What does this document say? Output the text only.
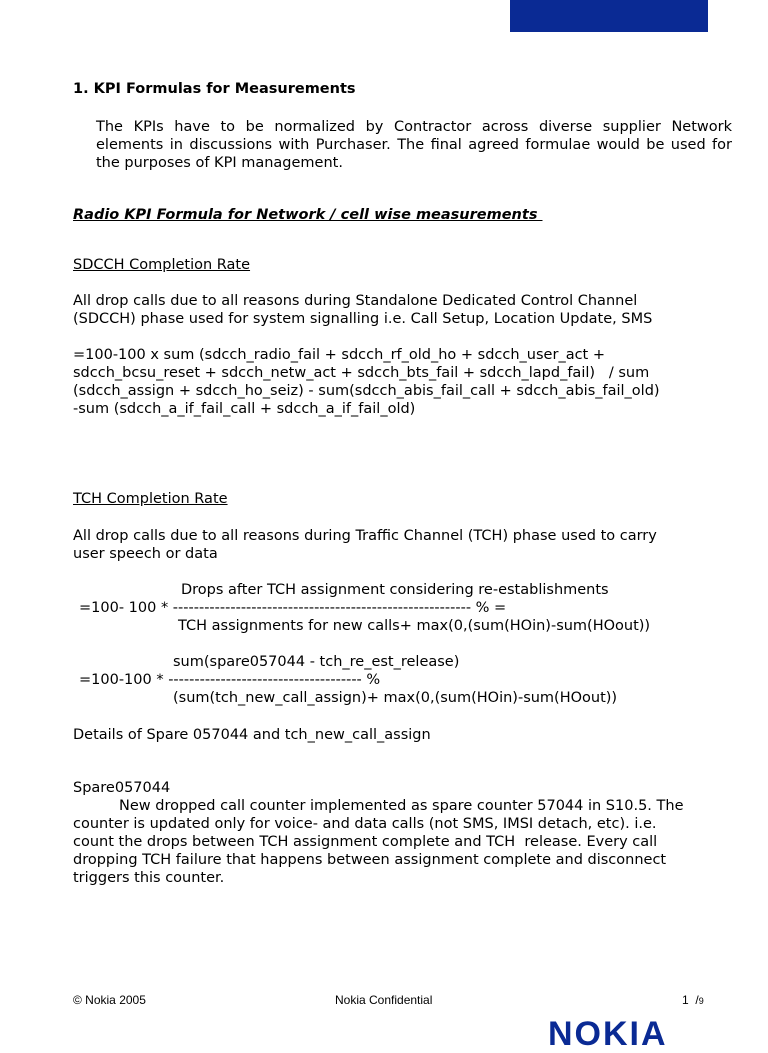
1. KPI Formulas for Measurements
The KPIs have to be normalized by Contractor across diverse supplier Network elements in discussions with Purchaser. The final agreed formulae would be used for the purposes of KPI management.
Radio KPI Formula for Network / cell wise measurements
SDCCH Completion Rate
All drop calls due to all reasons during Standalone Dedicated Control Channel
(SDCCH) phase used for system signalling i.e. Call Setup, Location Update, SMS
=100-100 x sum (sdcch_radio_fail + sdcch_rf_old_ho + sdcch_user_act +
sdcch_bcsu_reset + sdcch_netw_act + sdcch_bts_fail + sdcch_lapd_fail)   / sum
(sdcch_assign + sdcch_ho_seiz) - sum(sdcch_abis_fail_call + sdcch_abis_fail_old)
-sum (sdcch_a_if_fail_call + sdcch_a_if_fail_old)
TCH Completion Rate
All drop calls due to all reasons during Traffic Channel (TCH) phase used to carry
user speech or data
Drops after TCH assignment considering re-establishments
=100- 100 * --------------------------------------------------------- % =
TCH assignments for new calls+ max(0,(sum(HOin)-sum(HOout))
sum(spare057044 - tch_re_est_release)
=100-100 * ------------------------------------- %
(sum(tch_new_call_assign)+ max(0,(sum(HOin)-sum(HOout))
Details of Spare 057044 and tch_new_call_assign
Spare057044
New dropped call counter implemented as spare counter 57044 in S10.5. The
counter is updated only for voice- and data calls (not SMS, IMSI detach, etc). i.e.
count the drops between TCH assignment complete and TCH  release. Every call
dropping TCH failure that happens between assignment complete and disconnect
triggers this counter.
© Nokia 2005	Nokia Confidential	1  /9
NOKIA
